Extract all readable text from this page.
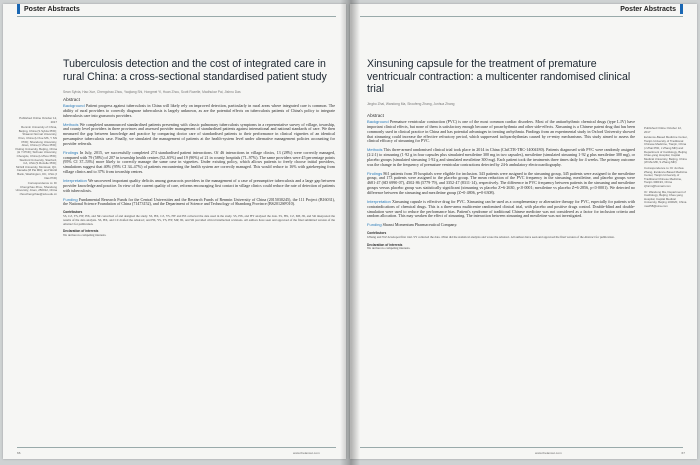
Poster Abstracts
Tuberculosis detection and the cost of integrated care in rural China: a cross-sectional standardised patient study
Sean Sylvia, Hao Xue, Chengchao Zhou, Yaojiang Shi, Hongmei Yi, Huan Zhou, Scott Rozelle, Madhukar Pai, Jishnu Das
Abstract

Published Online October 12, 2017

Renmin University of China, Beijing, China (S Sylvia PhD); Shaanxi Normal University, Xi'an, China (H Xue MS, Y Shi PhD); Shandong University, Jinan, China (C Zhou PhD); Peking University, Beijing, China (H Yi PhD); Sichuan University, Chengdu, China (H Zhou PhD); Stanford University, Stanford, CA, USA (S Rozelle PhD); McGill University, Montreal, QC, Canada (M Pai MD); and World Bank, Washington, DC, USA (J Das PhD)

Correspondence to: Dr Chengchao Zhou, Shandong University, Jinan, 250012, China zhouchengchao@sdu.edu.cn

Background Patient progress against tuberculosis in China will likely rely on improved detection, particularly in rural areas where integrated care is common. The ability of rural providers to correctly diagnose tuberculosis is largely unknown, as are the potential effects on tuberculosis patients of China's policy to integrate tuberculosis care into grassroots providers.

Methods We completed unannounced standardised patients presenting with classic pulmonary tuberculosis symptoms in a representative survey of village, township, and county level providers in three provinces and assessed provider management of standardised patients against international and national standards of care. We then measured the gap between knowledge and practice by comparing doctor care of standardised patients to their performance in clinical vignettes of an identical presumptive tuberculosis case. Finally, we simulated the management of patients at the health-system level under alternative management policies accounting for provider referrals.

Findings In July, 2015, we successfully completed 274 standardised patient interactions. Of 46 interactions in village clinics, 13 (28%) were correctly managed, compared with 79 (58%) of 207 in township health centres (52–65%) and 19 (90%) of 21 in county hospitals (71–97%). The same providers were 45 percentage points (95% CI 37–53%) more likely to correctly manage the same case in vignettes. Under existing policy, which allows patients to freely choose initial providers, simulations suggest that 40% (95% CI 34–47%) of patients encountering the health system are correctly managed. This would reduce to 16% with gatekeeping from village clinics and to 37% from township centres.

Interpretation We uncovered important quality deficits among grassroots providers in the management of a case of presumptive tuberculosis and a large gap between provider knowledge and practice. In view of the current quality of care, reforms encouraging first contact in village clinics could reduce the rate of detection of patients with tuberculosis.

Funding Fundamental Research Funds for the Central Universities and the Research Funds of Renmin University of China (2015030245), the 111 Project (B16031), the National Science Foundation of China (71473152), and the Department of Science and Technology of Shandong Province (BS2012SF010).

Contributors
SS, CZ, YS, HY, HX, and SR conceived of and designed the study. SS, HX, CZ, YS, HY and HZ collected the data used in the study. SS, HX, and HY analysed the data. SS, HX, CZ, MP, JD, and SR interpreted the results of the data analysis. SS, HX, and CZ drafted the Abstract; and HZ, YS, YS, HY, MP, JD, and SR provided critical intellectual revisions. All authors have seen and approved of the final submitted version of the Abstract for publication.
Declaration of interests
We declare no competing interests.
66	www.thelancet.com
Poster Abstracts
Xinsuning capsule for the treatment of premature ventricualr contraction: a multicenter randomised clinical trial
Jingbo Zhai, Wandong Ma, Shoufeng Zhang, Junhua Zhang
Abstract

Published Online October 12, 2017

Evidence-Based Medicine Center, Tianjin University of Traditional Chinese Medicine, Tianjin, China (J Zhai PhD, J Zhang MD) and Department of Cardiology, Beijing Chao-yang Hospital, Capital Medical University, Beijing, China (W Ma MD, S Zhang MD)

Correspondence to: Dr Junhua Zhang, Evidence-Based Medicine Center, Tianjin University of Traditional Chinese Medicine, Tianjin 300193, China zjhtcm@foxmail.com

Or: Wandong Ma, Department of Cardiology, Beijing Chao-yang Hospital, Capital Medical University, Beijing 100020, China mwd58@sina.com

Background Premature ventricular contraction (PVC) is one of the most common cardiac disorders. Most of the antiarrhythmic chemical drugs (type I–IV) have important clinical effects, but none of them is satisfactory enough because of proarrhythmia and other side-effects. Xinsuning is a Chinese patent drug that has been commonly used in clinical practice in China and has potential advantages in treating arrhythmia. Findings from an experimental study in Oxford University showed that xinsuning could increase the effective refractory period, which suppressed tachyarrhythmias caused by re-entry mechanisms. This study aimed to assess the clinical efficacy of xinsuning for PVC.

Methods This three-armed randomised clinical trial took place in 2014 in China (ChiCTR-TRC-14004180). Patients diagnosed with PVC were randomly assigned (2:2:1) to xinsuning (1·92 g in four capsules plus simulated mexiletine 300 mg in two capsules), mexiletine (simulated xinsuning 1·92 g plus mexiletine 300 mg), or placebo groups (simulated xinsuning 1·92 g and simulated mexiletine 300 mg). Each patient took the treatments three times daily for 4 weeks. The primary outcome was the change in the frequency of premature ventricular contractions detected by 24-h ambulatory electrocardiography.

Findings 861 patients from 39 hospitals were eligible for inclusion. 343 patients were assigned to the xinsuning group, 345 patients were assigned to the mexiletine group, and 173 patients were assigned to the placebo group. The mean reduction of the PVC frequency in the xinsuning, mexiletine, and placebo groups were 4681·47 (SD 6990·07), 4502·86 (5779·79), and 3352·47 (8311·14), respectively. The difference in PVC frequency between patients in the xinsuning and mexiletine groups versus placebo group was statistically significant (xinsuning vs placebo Z=6·2630, p<0·0001; mexiletine vs placebo Z=6·2856, p<0·0001). We detected no difference between the xinsuning and mexiletine group (Z=0·4806, p=0·6308).

Interpretation Xinsuning capsule is effective drug for PVC. Xinsuning can be used as a complementary or alternative therapy for PVC, especially for patients with contraindications of chemical drugs. This is a three-arms multicentre randomised clinical trial, with placebo and positive drugs control. Double-blind and double-simulation were used to reduce the performance bias. Patient's syndrome of traditional Chinese medicine was not considered as a factor for inclusion criteria and random allocation. This may weaken the effect of xinsuning. The interaction between xinsuning and mexiletine was not investigated.

Funding Shanxi Momentum Pharmaceutical Company.

Contributors
JZhang and WZ developed first trial. SY collected the data. JZhai did the statistical analysis and wrote the Abstract. All authors have seen and approved the final version of the Abstract for publication.
Declaration of interests
We declare no competing interests.
www.thelancet.com	67
